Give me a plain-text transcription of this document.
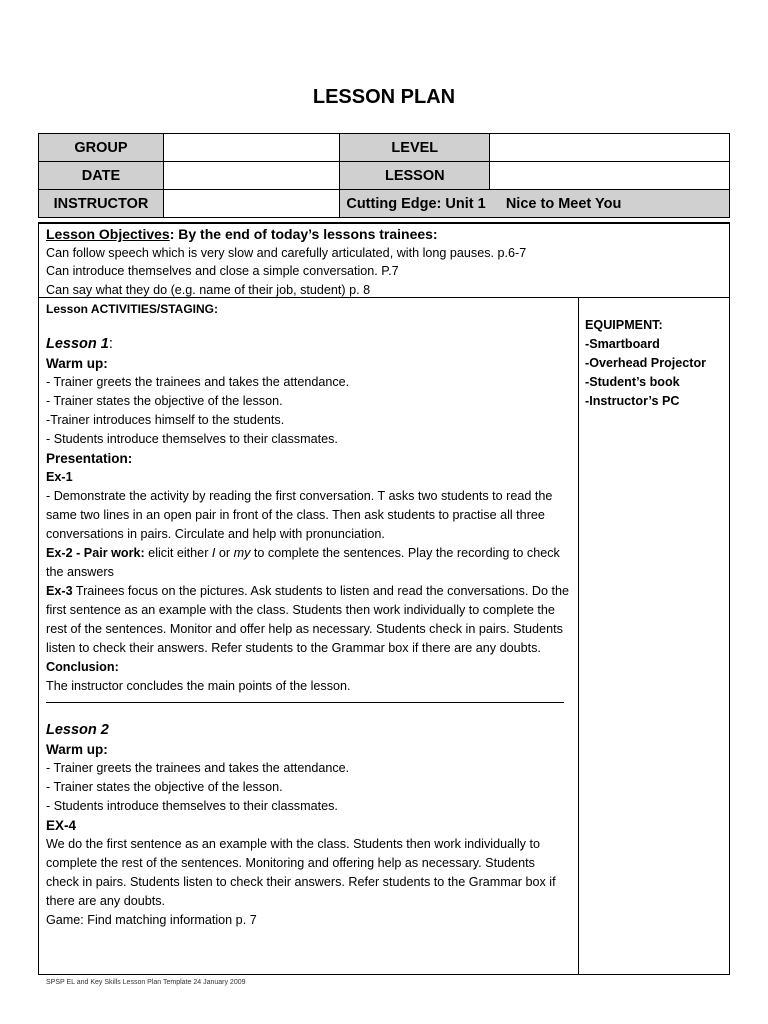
LESSON PLAN
GROUP		LEVEL	
DATE		LESSON	
INSTRUCTOR		Cutting Edge: Unit 1     Nice to Meet You	
Lesson Objectives: By the end of today’s lessons trainees:
Can follow speech which is very slow and carefully articulated, with long pauses. p.6-7
Can introduce themselves and close a simple conversation. P.7
Can say what they do (e.g. name of their job, student) p. 8
Lesson ACTIVITIES/STAGING:
Lesson 1:
Warm up:
- Trainer greets the trainees and takes the attendance.
- Trainer states the objective of the lesson.
-Trainer introduces himself to the students.
- Students introduce themselves to their classmates.
Presentation:
Ex-1
- Demonstrate the activity by reading the first conversation. T asks two students to read the same two lines in an open pair in front of the class. Then ask students to practise all three conversations in pairs. Circulate and help with pronunciation.
Ex-2 - Pair work: elicit either I or my to complete the sentences. Play the recording to check the answers
Ex-3 Trainees focus on the pictures. Ask students to listen and read the conversations. Do the first sentence as an example with the class. Students then work individually to complete the rest of the sentences. Monitor and offer help as necessary. Students check in pairs. Students listen to check their answers. Refer students to the Grammar box if there are any doubts.
Conclusion:
The instructor concludes the main points of the lesson.
Lesson 2
Warm up:
- Trainer greets the trainees and takes the attendance.
- Trainer states the objective of the lesson.
- Students introduce themselves to their classmates.
EX-4
We do the first sentence as an example with the class. Students then work individually to complete the rest of the sentences. Monitoring and offering help as necessary. Students check in pairs. Students listen to check their answers. Refer students to the Grammar box if there are any doubts.
Game: Find matching information p. 7
EQUIPMENT:
-Smartboard
-Overhead Projector
-Student’s book
-Instructor’s PC
SPSP EL and Key Skills Lesson Plan Template 24 January 2009
